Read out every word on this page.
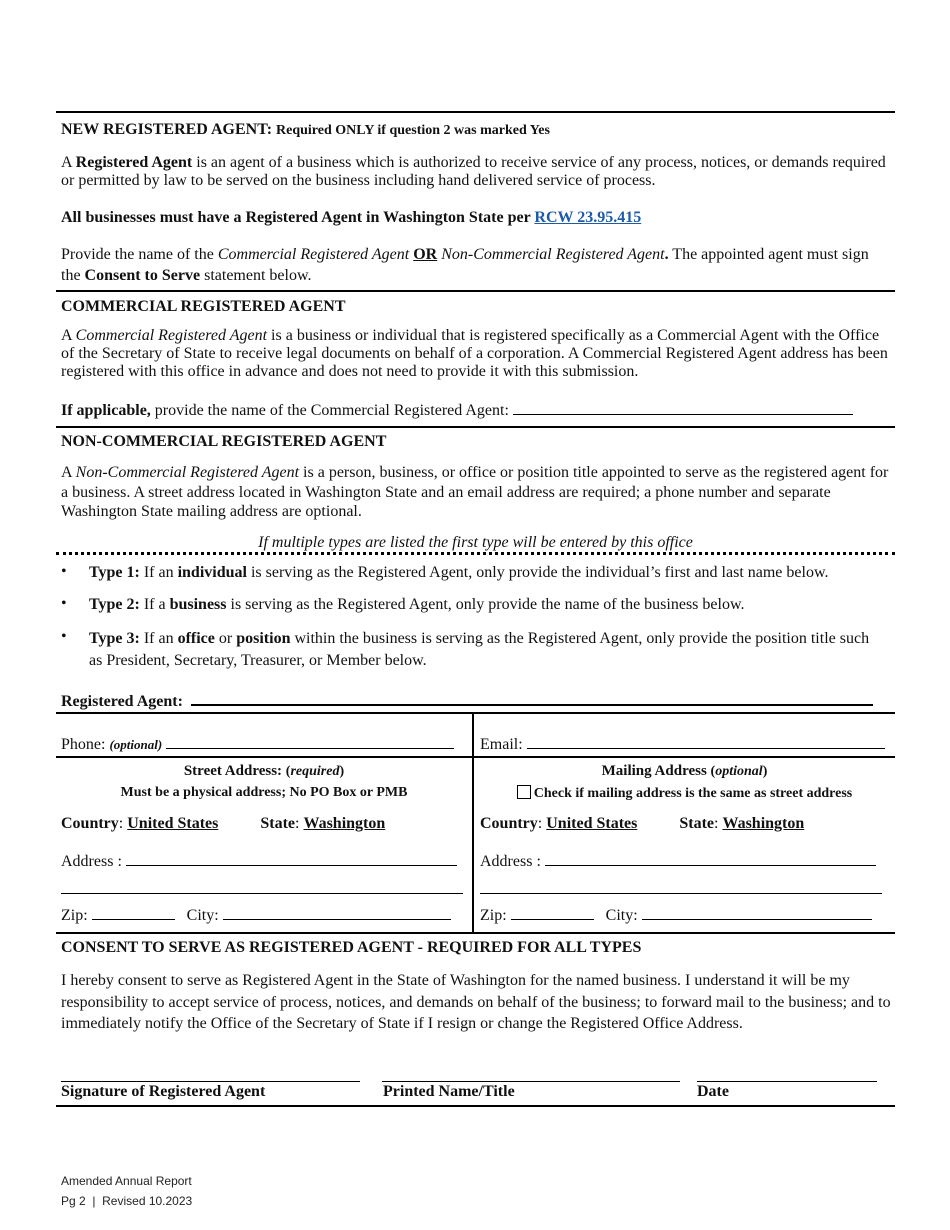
NEW REGISTERED AGENT: Required ONLY if question 2 was marked Yes
A Registered Agent is an agent of a business which is authorized to receive service of any process, notices, or demands required or permitted by law to be served on the business including hand delivered service of process.
All businesses must have a Registered Agent in Washington State per RCW 23.95.415
Provide the name of the Commercial Registered Agent OR Non-Commercial Registered Agent. The appointed agent must sign the Consent to Serve statement below.
COMMERCIAL REGISTERED AGENT
A Commercial Registered Agent is a business or individual that is registered specifically as a Commercial Agent with the Office of the Secretary of State to receive legal documents on behalf of a corporation. A Commercial Registered Agent address has been registered with this office in advance and does not need to provide it with this submission.
If applicable, provide the name of the Commercial Registered Agent:
NON-COMMERCIAL REGISTERED AGENT
A Non-Commercial Registered Agent is a person, business, or office or position title appointed to serve as the registered agent for a business. A street address located in Washington State and an email address are required; a phone number and separate Washington State mailing address are optional.
If multiple types are listed the first type will be entered by this office
• Type 1: If an individual is serving as the Registered Agent, only provide the individual’s first and last name below.
• Type 2: If a business is serving as the Registered Agent, only provide the name of the business below.
• Type 3: If an office or position within the business is serving as the Registered Agent, only provide the position title such as President, Secretary, Treasurer, or Member below.
Registered Agent:
Phone: (optional)	Email:
Street Address: (required)
Must be a physical address; No PO Box or PMB
Country: United States	State: Washington
Address :
Zip:	City:
Mailing Address (optional)
Check if mailing address is the same as street address
Country: United States	State: Washington
Address :
Zip:	City:
CONSENT TO SERVE AS REGISTERED AGENT - REQUIRED FOR ALL TYPES
I hereby consent to serve as Registered Agent in the State of Washington for the named business. I understand it will be my responsibility to accept service of process, notices, and demands on behalf of the business; to forward mail to the business; and to immediately notify the Office of the Secretary of State if I resign or change the Registered Office Address.
Signature of Registered Agent	Printed Name/Title	Date
Amended Annual Report
Pg 2  |  Revised 10.2023
